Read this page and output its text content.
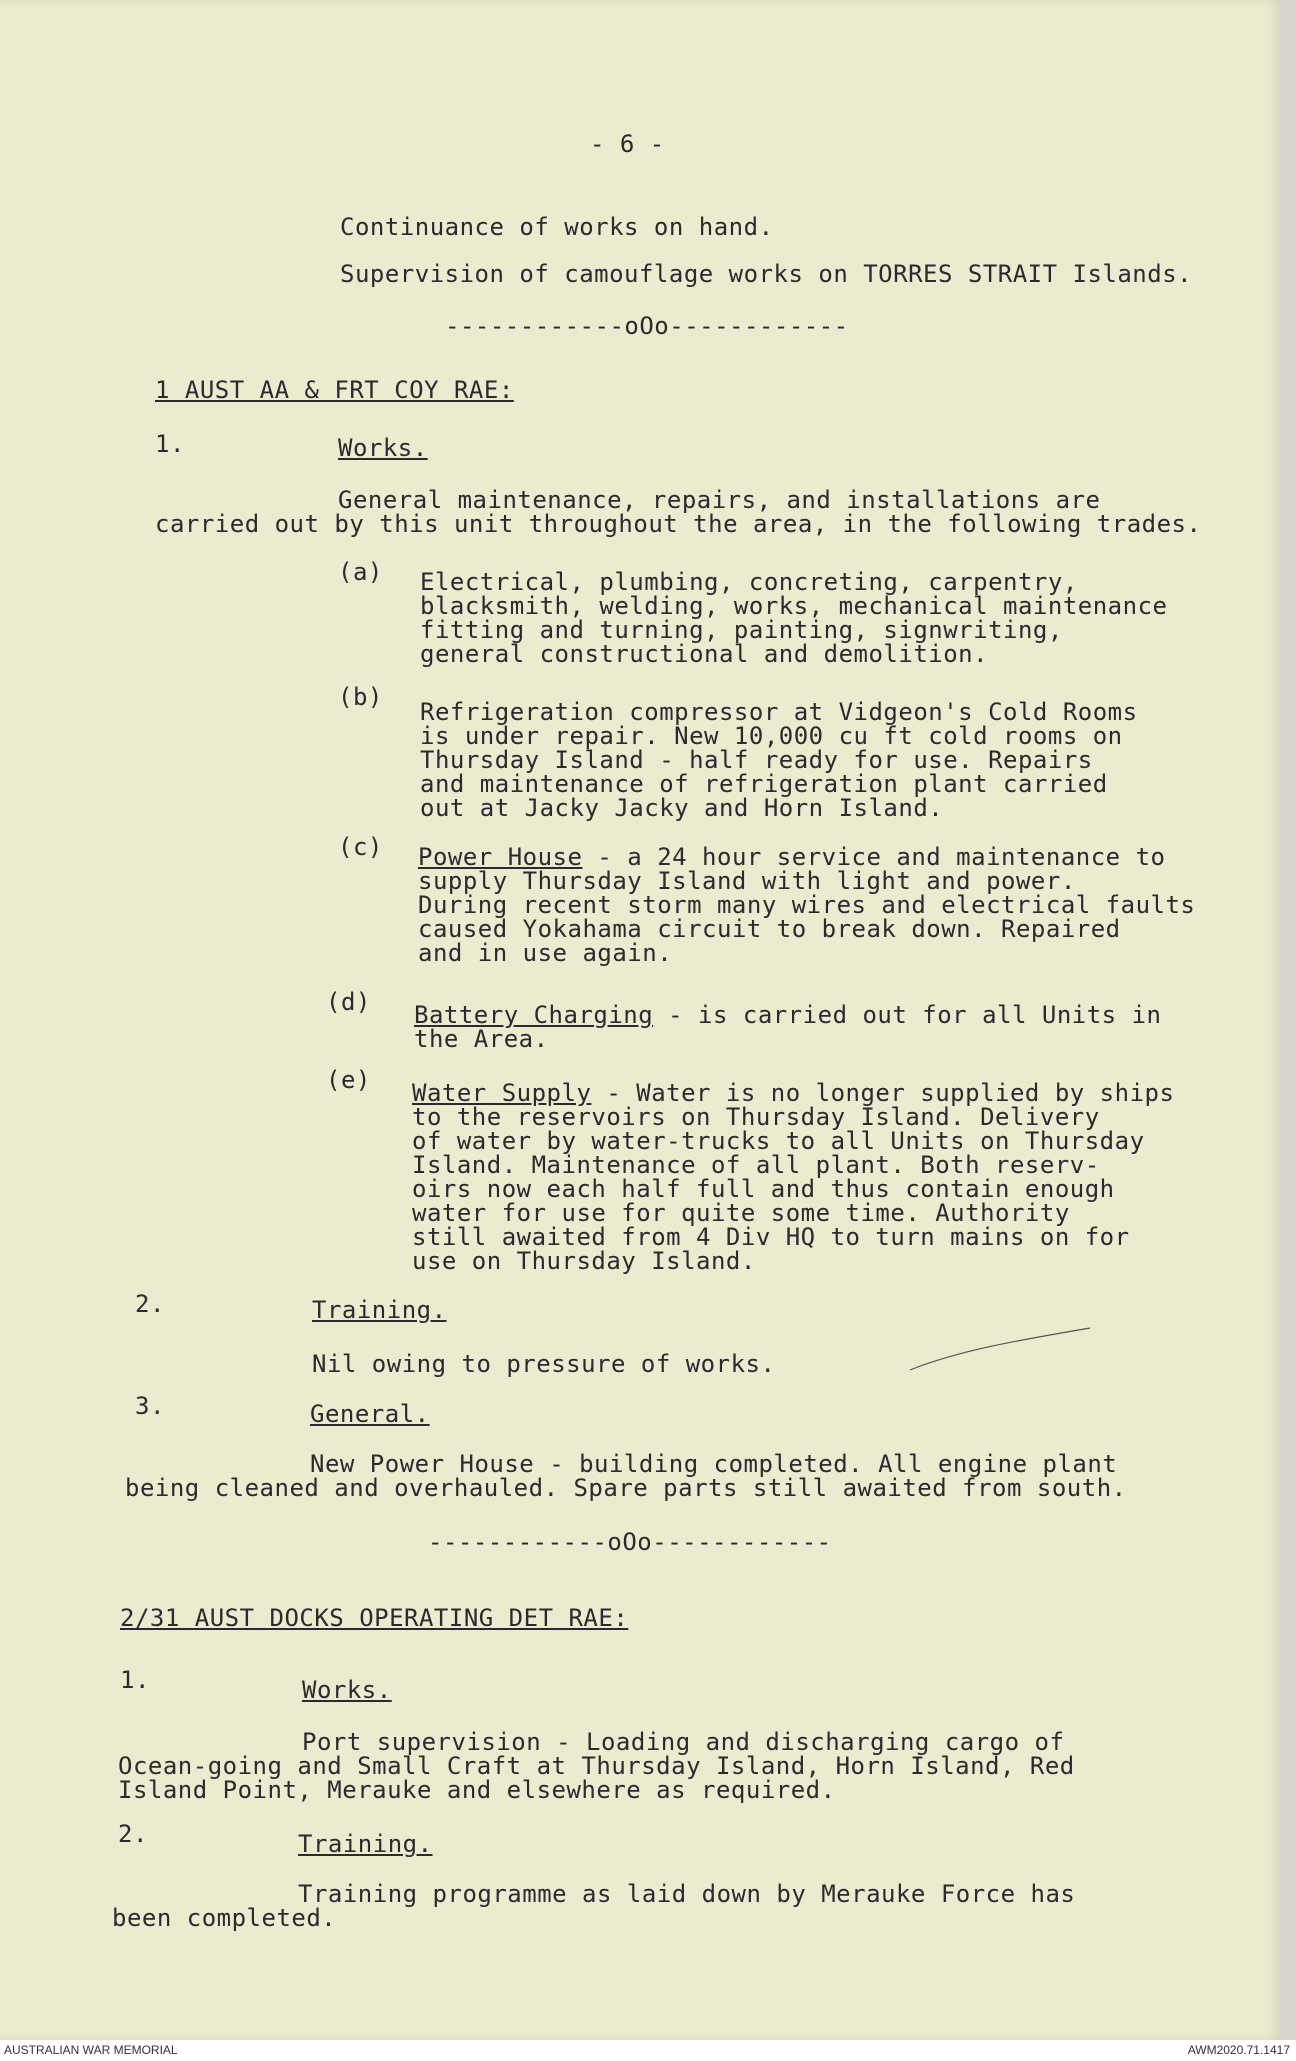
- 6 -
Continuance of works on hand.
Supervision of camouflage works on TORRES STRAIT Islands.
------------oOo------------
1 AUST AA & FRT COY RAE:
1.	Works.
General maintenance, repairs, and installations are
carried out by this unit throughout the area, in the following trades.
(a) Electrical, plumbing, concreting, carpentry,
blacksmith, welding, works, mechanical maintenance
fitting and turning, painting, signwriting,
general constructional and demolition.
(b)
Refrigeration compressor at Vidgeon's Cold Rooms
is under repair. New 10,000 cu ft cold rooms on
Thursday Island - half ready for use. Repairs
and maintenance of refrigeration plant carried
out at Jacky Jacky and Horn Island.
(c) Power House - a 24 hour service and maintenance to
supply Thursday Island with light and power.
During recent storm many wires and electrical faults
caused Yokahama circuit to break down. Repaired
and in use again.
(d) Battery Charging - is carried out for all Units in
the Area.
(e) Water Supply - Water is no longer supplied by ships
to the reservoirs on Thursday Island. Delivery
of water by water-trucks to all Units on Thursday
Island. Maintenance of all plant. Both reserv-
oirs now each half full and thus contain enough
water for use for quite some time. Authority
still awaited from 4 Div HQ to turn mains on for
use on Thursday Island.
2.	Training.
Nil owing to pressure of works.
3.	General.
New Power House - building completed. All engine plant
being cleaned and overhauled. Spare parts still awaited from south.
------------oOo------------
2/31 AUST DOCKS OPERATING DET RAE:
1.	Works.
Port supervision - Loading and discharging cargo of
Ocean-going and Small Craft at Thursday Island, Horn Island, Red
Island Point, Merauke and elsewhere as required.
2.	Training.
Training programme as laid down by Merauke Force has
been completed.
AUSTRALIAN WAR MEMORIAL	AWM2020.71.1417
